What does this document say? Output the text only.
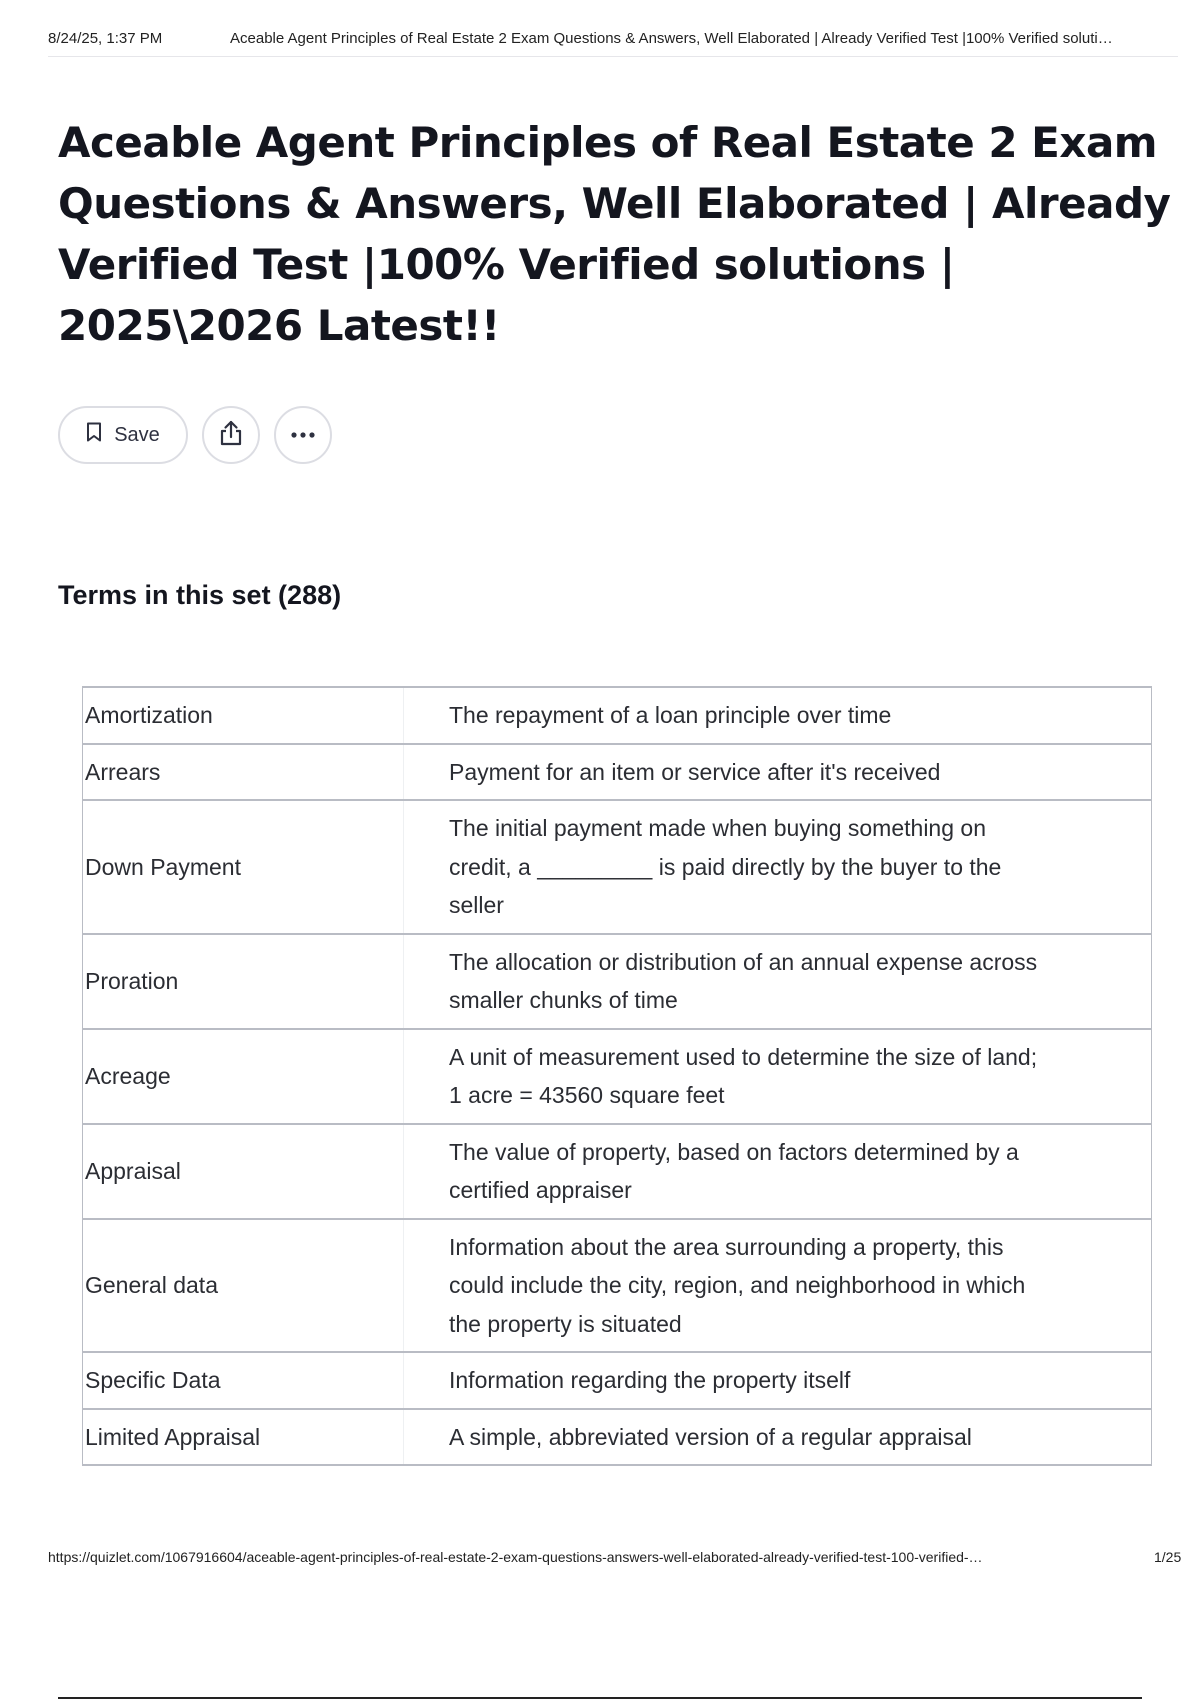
8/24/25, 1:37 PM	Aceable Agent Principles of Real Estate 2 Exam Questions & Answers, Well Elaborated | Already Verified Test |100% Verified soluti…
Aceable Agent Principles of Real Estate 2 Exam Questions & Answers, Well Elaborated | Already Verified Test |100% Verified solutions | 2025\2026 Latest!!
Save
Terms in this set (288)
Amortization	The repayment of a loan principle over time
Arrears	Payment for an item or service after it's received
Down Payment	The initial payment made when buying something on credit, a _________ is paid directly by the buyer to the seller
Proration	The allocation or distribution of an annual expense across smaller chunks of time
Acreage	A unit of measurement used to determine the size of land; 1 acre = 43560 square feet
Appraisal	The value of property, based on factors determined by a certified appraiser
General data	Information about the area surrounding a property, this could include the city, region, and neighborhood in which the property is situated
Specific Data	Information regarding the property itself
Limited Appraisal	A simple, abbreviated version of a regular appraisal
https://quizlet.com/1067916604/aceable-agent-principles-of-real-estate-2-exam-questions-answers-well-elaborated-already-verified-test-100-verified-…	1/25
